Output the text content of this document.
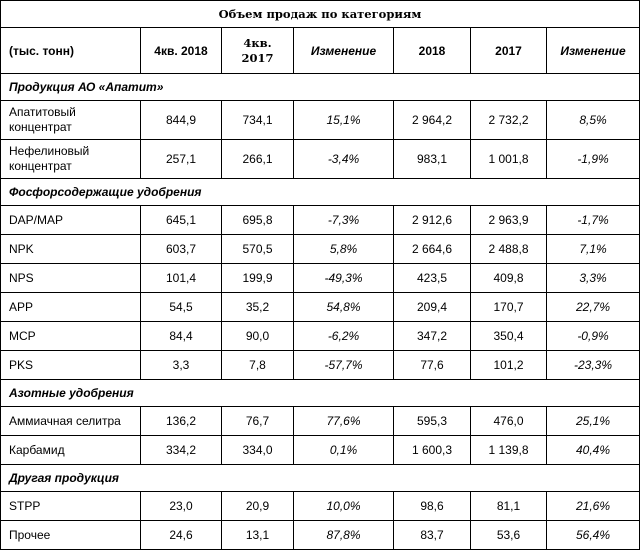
Объем продаж по категориям						
(тыс. тонн)	4кв. 2018	4кв. 2017	Изменение	2018	2017	Изменение
Продукция АО «Апатит»						
Апатитовый концентрат	844,9	734,1	15,1%	2 964,2	2 732,2	8,5%
Нефелиновый концентрат	257,1	266,1	-3,4%	983,1	1 001,8	-1,9%
Фосфорсодержащие удобрения						
DAP/MAP	645,1	695,8	-7,3%	2 912,6	2 963,9	-1,7%
NPK	603,7	570,5	5,8%	2 664,6	2 488,8	7,1%
NPS	101,4	199,9	-49,3%	423,5	409,8	3,3%
APP	54,5	35,2	54,8%	209,4	170,7	22,7%
MCP	84,4	90,0	-6,2%	347,2	350,4	-0,9%
PKS	3,3	7,8	-57,7%	77,6	101,2	-23,3%
Азотные удобрения						
Аммиачная селитра	136,2	76,7	77,6%	595,3	476,0	25,1%
Карбамид	334,2	334,0	0,1%	1 600,3	1 139,8	40,4%
Другая продукция						
STPP	23,0	20,9	10,0%	98,6	81,1	21,6%
Прочее	24,6	13,1	87,8%	83,7	53,6	56,4%
